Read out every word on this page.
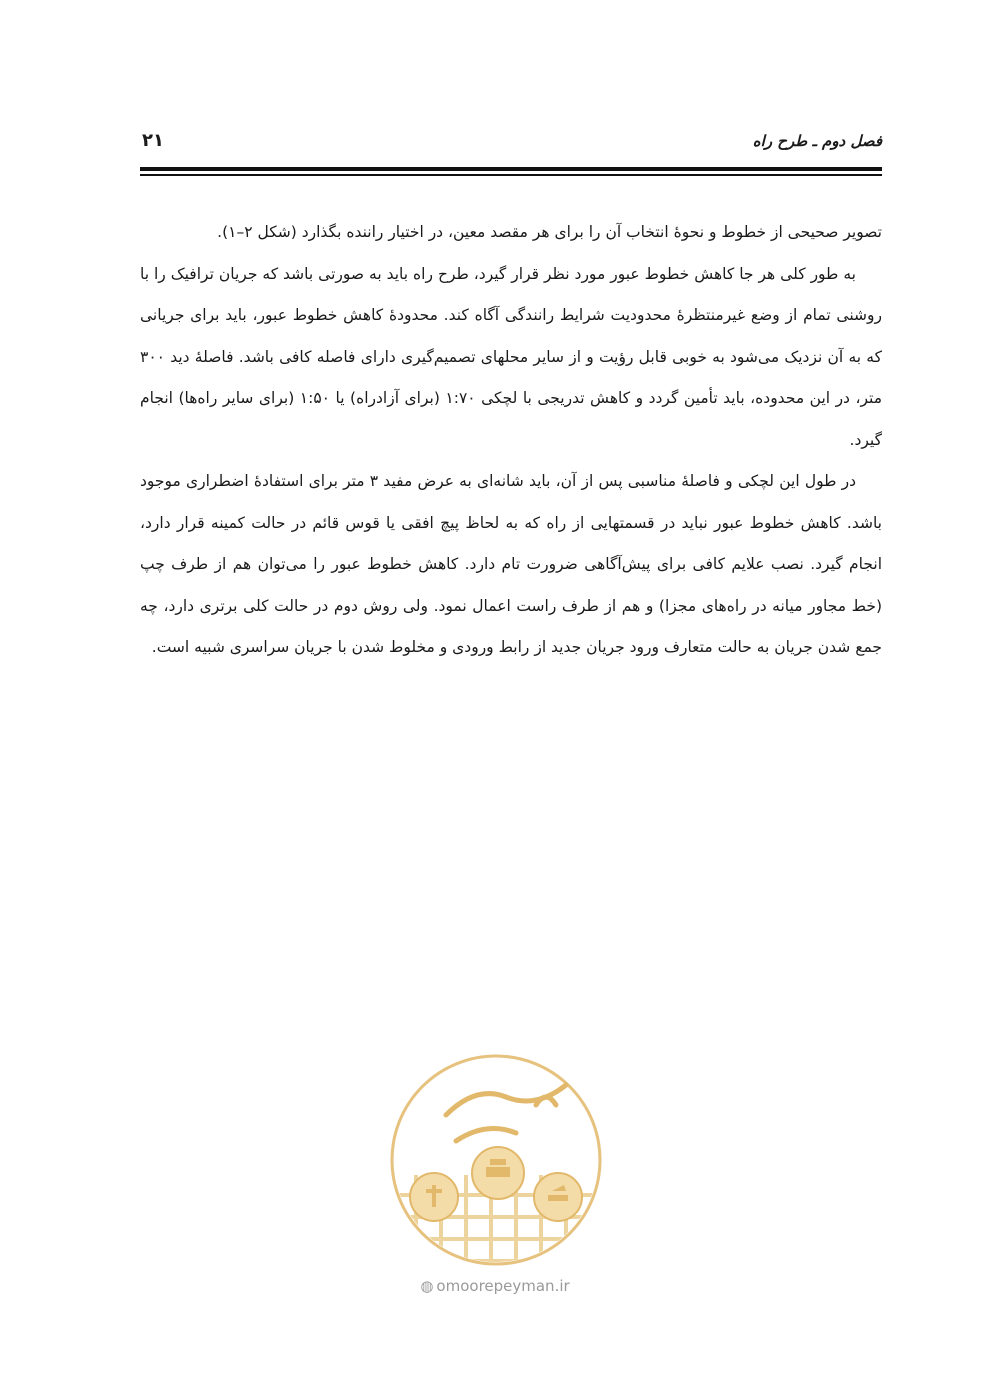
فصل دوم ـ طرح راه
۲۱

تصویر صحیحی از خطوط و نحوهٔ انتخاب آن را برای هر مقصد معین، در اختیار راننده بگذارد (شکل ۲–۱).

به طور کلی هر جا کاهش خطوط عبور مورد نظر قرار گیرد، طرح راه باید به صورتی باشد که جریان ترافیک را با روشنی تمام از وضع غیرمنتظرهٔ محدودیت شرایط رانندگی آگاه کند. محدودهٔ کاهش خطوط عبور، باید برای جریانی که به آن نزدیک می‌شود به خوبی قابل رؤیت و از سایر محلهای تصمیم‌گیری دارای فاصله کافی باشد. فاصلهٔ دید ۳۰۰ متر، در این محدوده، باید تأمین گردد و کاهش تدریجی با لچکی ۱:۷۰ (برای آزادراه) یا ۱:۵۰ (برای سایر راه‌ها) انجام گیرد.

در طول این لچکی و فاصلهٔ مناسبی پس از آن، باید شانه‌ای به عرض مفید ۳ متر برای استفادهٔ اضطراری موجود باشد. کاهش خطوط عبور نباید در قسمتهایی از راه که به لحاظ پیچ افقی یا قوس قائم در حالت کمینه قرار دارد، انجام گیرد. نصب علایم کافی برای پیش‌آگاهی ضرورت تام دارد. کاهش خطوط عبور را می‌توان هم از طرف چپ (خط مجاور میانه در راه‌های مجزا) و هم از طرف راست اعمال نمود. ولی روش دوم در حالت کلی برتری دارد، چه جمع شدن جریان به حالت متعارف ورود جریان جدید از رابط ورودی و مخلوط شدن با جریان سراسری شبیه است.

◍ omoorepeyman.ir
